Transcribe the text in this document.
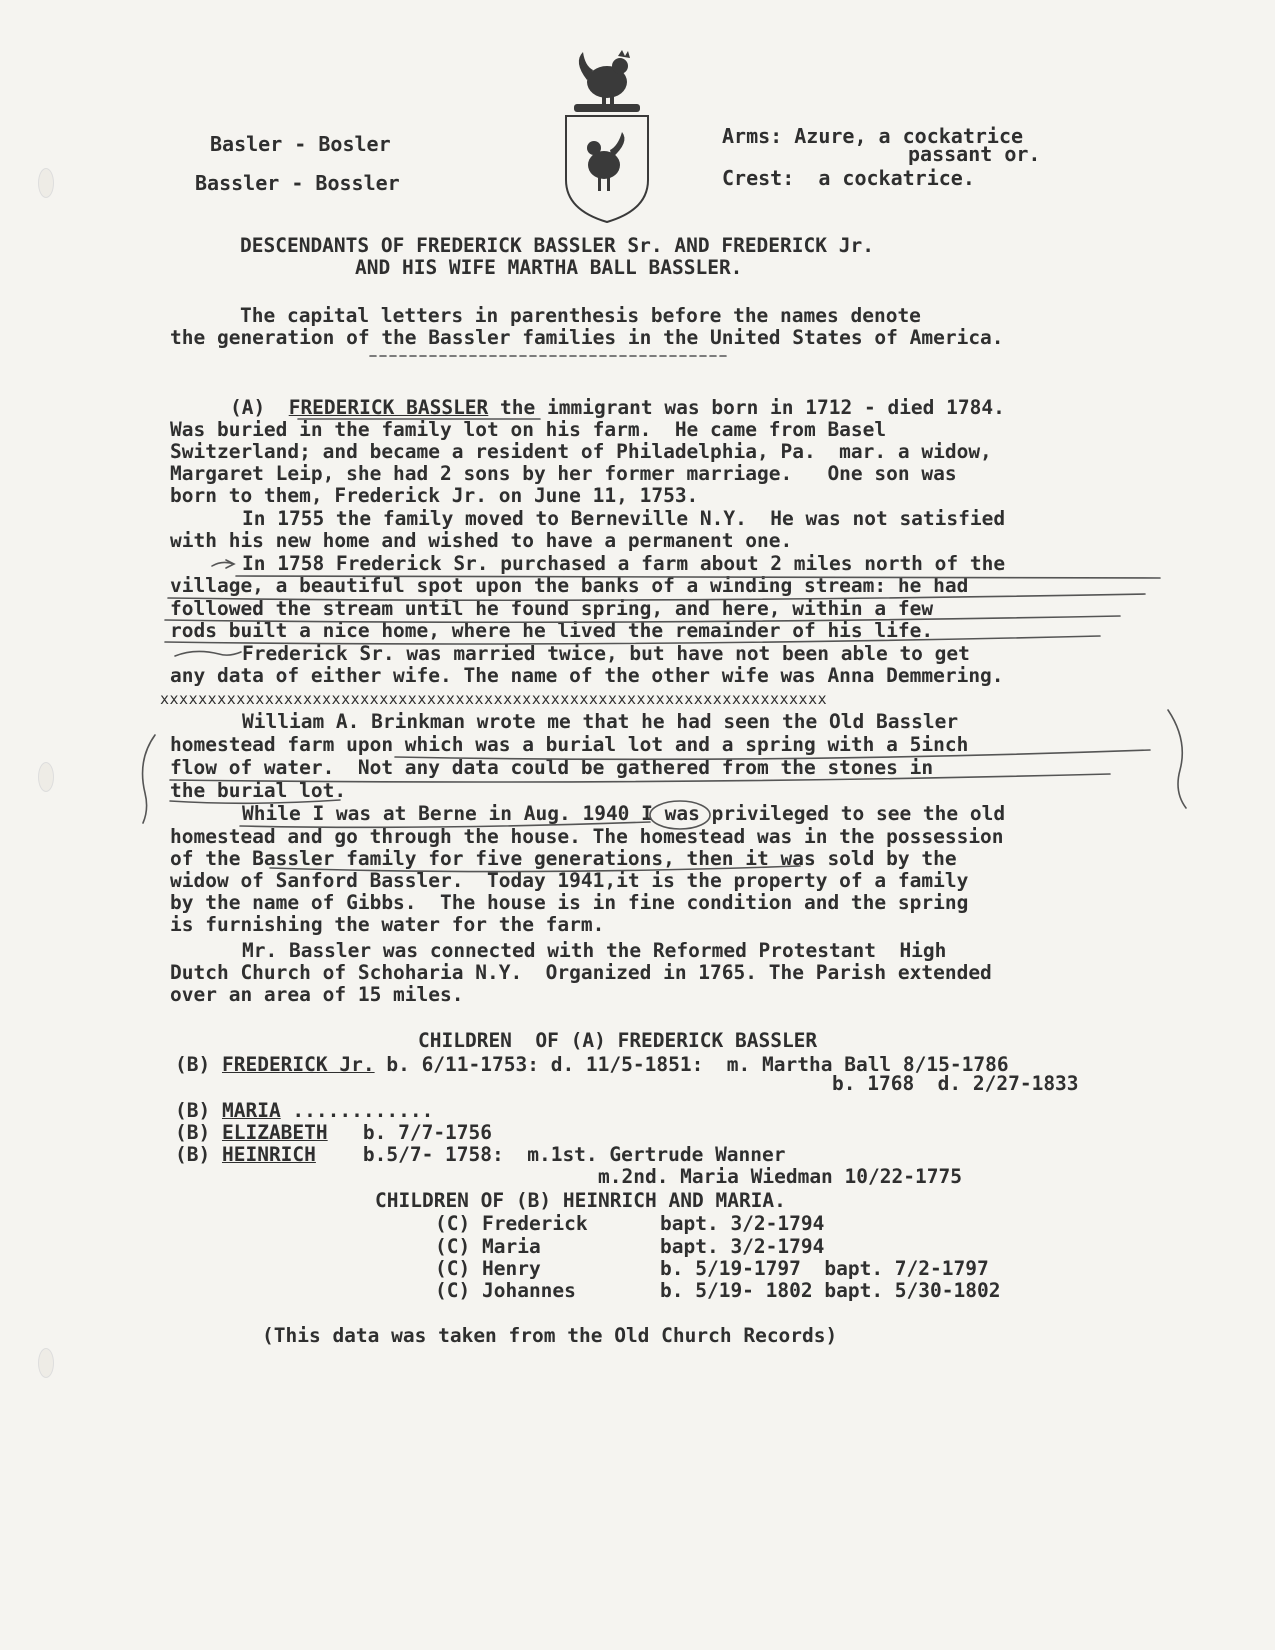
Basler - Bosler
Bassler - Bossler
Arms: Azure, a cockatrice
passant or.
Crest:  a cockatrice.
DESCENDANTS OF FREDERICK BASSLER Sr. AND FREDERICK Jr.
AND HIS WIFE MARTHA BALL BASSLER.
The capital letters in parenthesis before the names denote
the generation of the Bassler families in the United States of America.
(A)  FREDERICK BASSLER the immigrant was born in 1712 - died 1784.
Was buried in the family lot on his farm.  He came from Basel
Switzerland; and became a resident of Philadelphia, Pa.  mar. a widow,
Margaret Leip, she had 2 sons by her former marriage.   One son was
born to them, Frederick Jr. on June 11, 1753.
In 1755 the family moved to Berneville N.Y.  He was not satisfied
with his new home and wished to have a permanent one.
In 1758 Frederick Sr. purchased a farm about 2 miles north of the
village, a beautiful spot upon the banks of a winding stream: he had
followed the stream until he found spring, and here, within a few
rods built a nice home, where he lived the remainder of his life.
Frederick Sr. was married twice, but have not been able to get
any data of either wife. The name of the other wife was Anna Demmering.
xxxxxxxxxxxxxxxxxxxxxxxxxxxxxxxxxxxxxxxxxxxxxxxxxxxxxxxxxxxxxxxxxxxxxx
William A. Brinkman wrote me that he had seen the Old Bassler
homestead farm upon which was a burial lot and a spring with a 5inch
flow of water.  Not any data could be gathered from the stones in
the burial lot.
While I was at Berne in Aug. 1940 I was privileged to see the old
homestead and go through the house. The homestead was in the possession
of the Bassler family for five generations, then it was sold by the
widow of Sanford Bassler.  Today 1941,it is the property of a family
by the name of Gibbs.  The house is in fine condition and the spring
is furnishing the water for the farm.
Mr. Bassler was connected with the Reformed Protestant  High
Dutch Church of Schoharia N.Y.  Organized in 1765. The Parish extended
over an area of 15 miles.
CHILDREN  OF (A) FREDERICK BASSLER
(B) FREDERICK Jr. b. 6/11-1753: d. 11/5-1851:  m. Martha Ball 8/15-1786
b. 1768  d. 2/27-1833
(B) MARIA ............
(B) ELIZABETH   b. 7/7-1756
(B) HEINRICH    b.5/7- 1758:  m.1st. Gertrude Wanner
m.2nd. Maria Wiedman 10/22-1775
CHILDREN OF (B) HEINRICH AND MARIA.
(C) Frederick	bapt. 3/2-1794
(C) Maria	bapt. 3/2-1794
(C) Henry	b. 5/19-1797  bapt. 7/2-1797
(C) Johannes	b. 5/19- 1802 bapt. 5/30-1802
(This data was taken from the Old Church Records)
